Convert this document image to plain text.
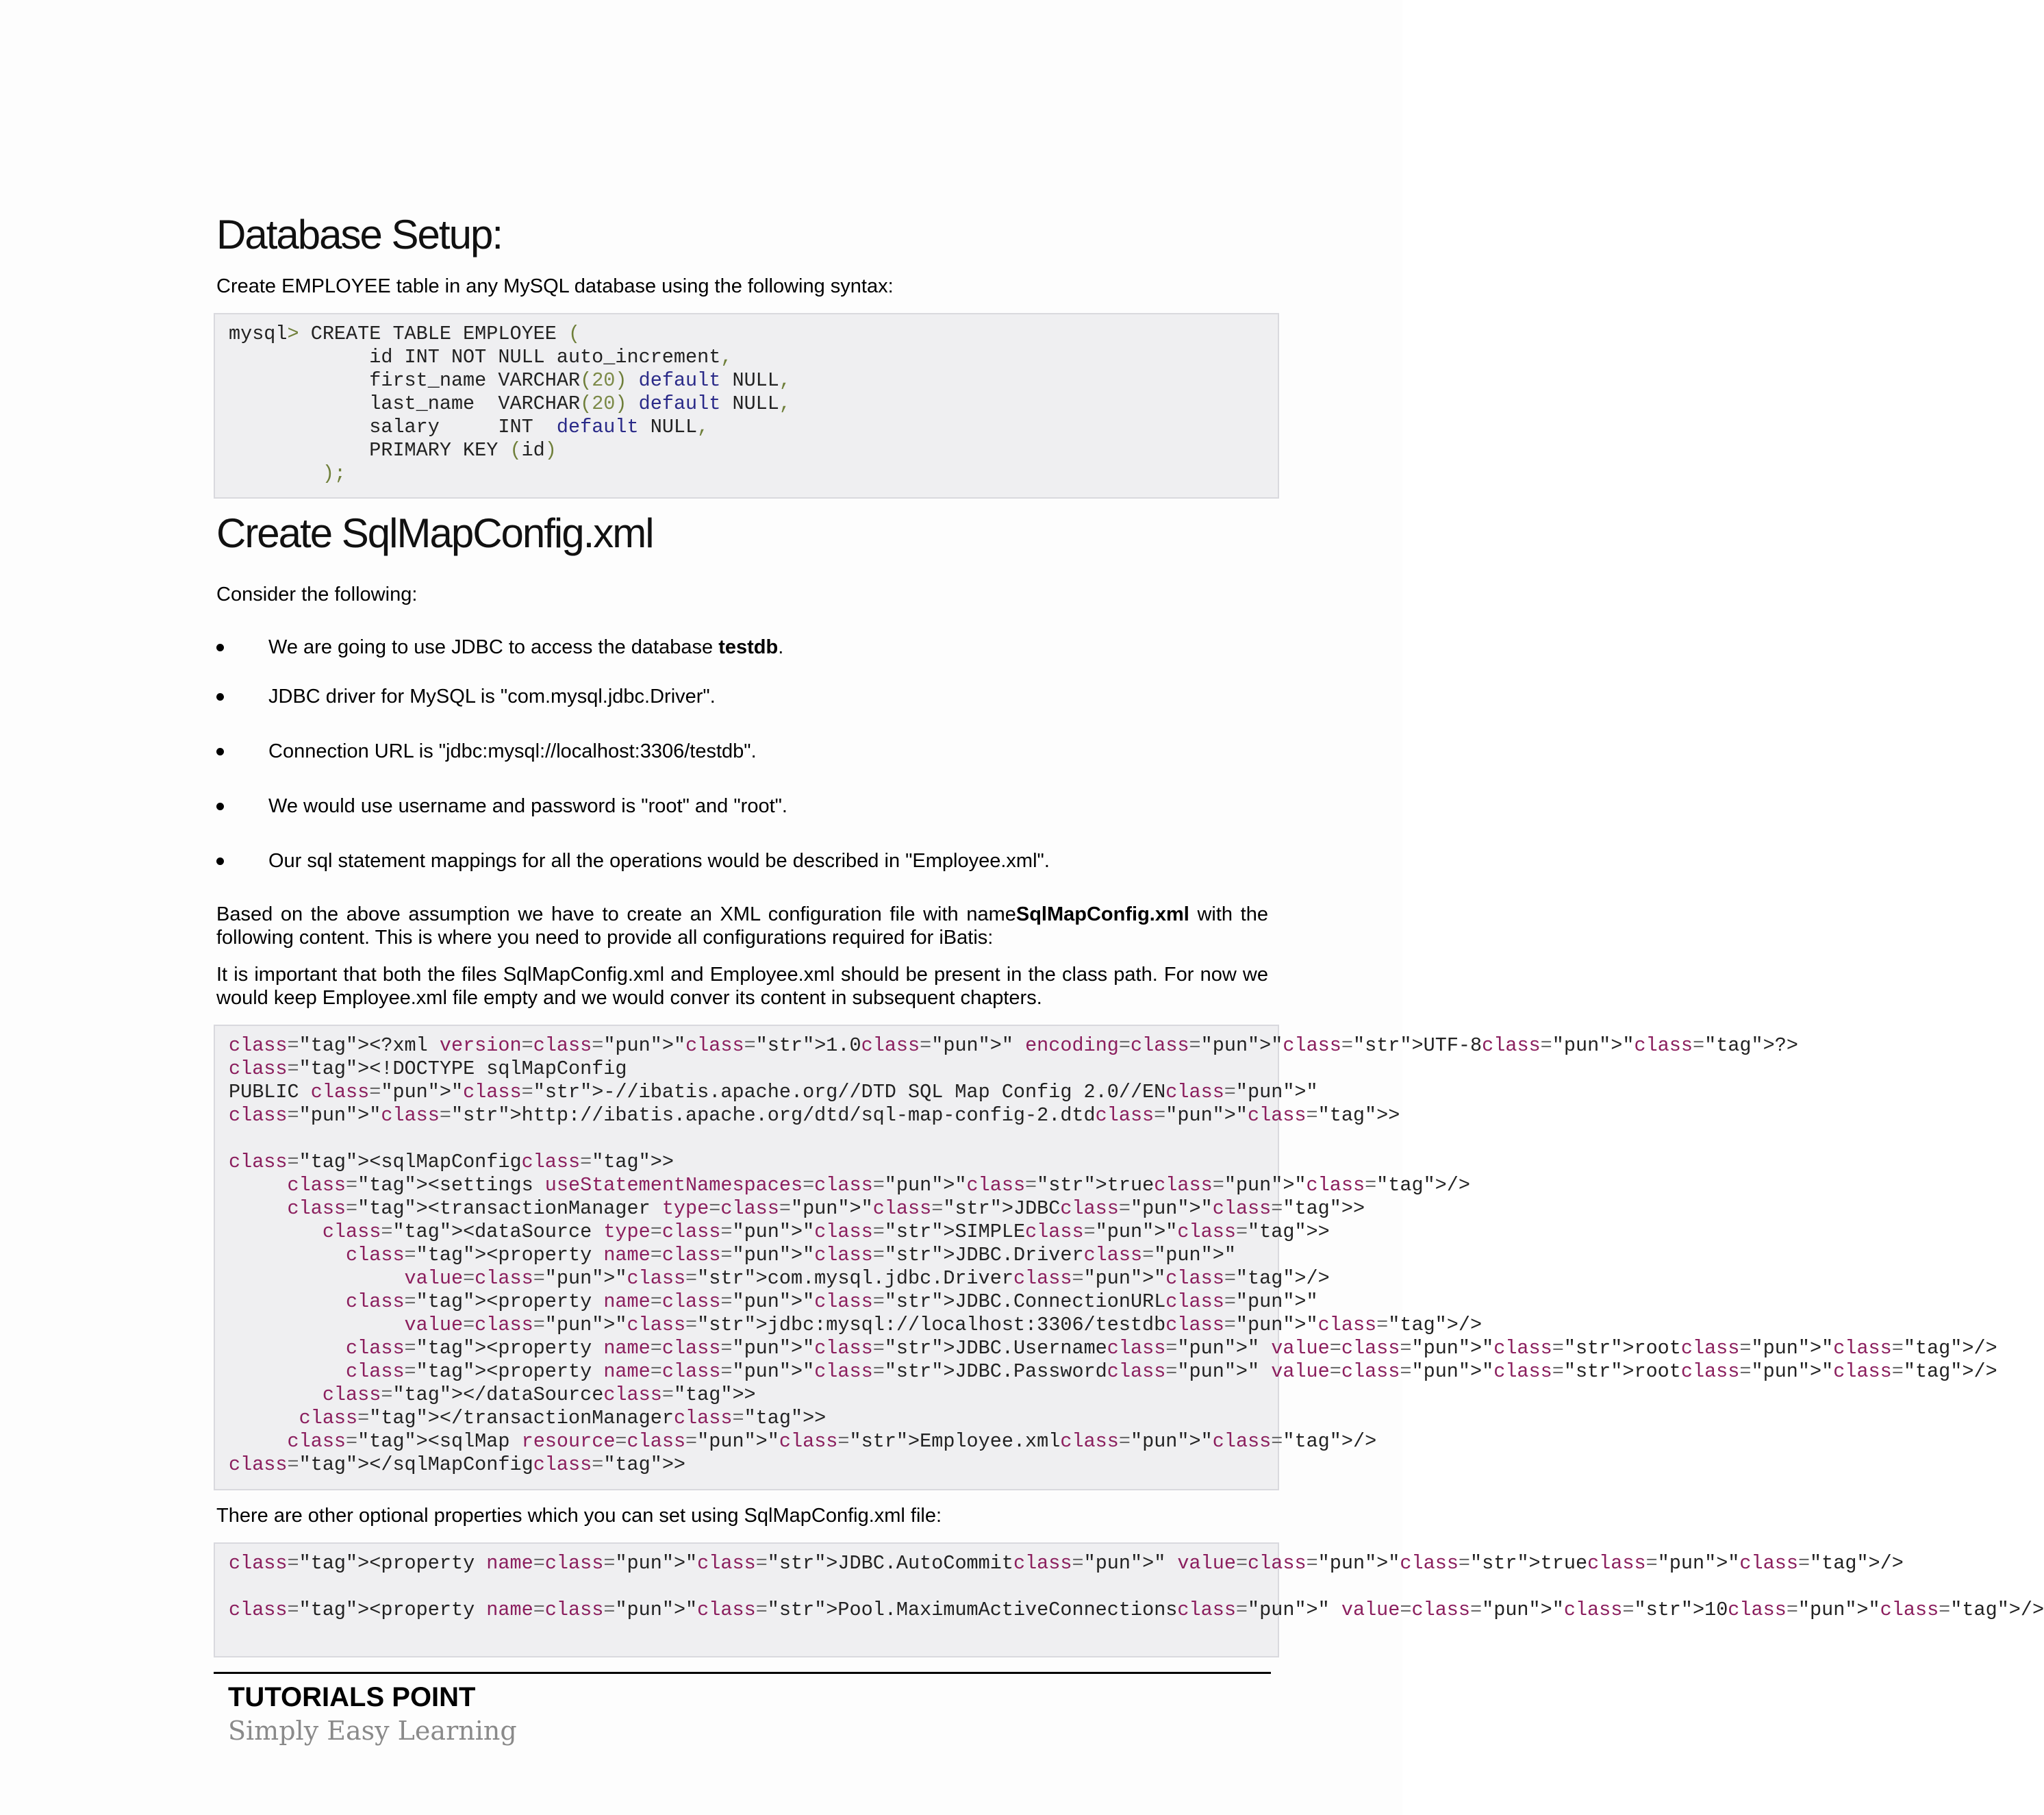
Database Setup:

Create EMPLOYEE table in any MySQL database using the following syntax:

mysql> CREATE TABLE EMPLOYEE (
id INT NOT NULL auto_increment,
first_name VARCHAR(20) default NULL,
last_name  VARCHAR(20) default NULL,
salary     INT  default NULL,
PRIMARY KEY (id)
);
Create SqlMapConfig.xml

Consider the following:

We are going to use JDBC to access the database testdb.
JDBC driver for MySQL is "com.mysql.jdbc.Driver".
Connection URL is "jdbc:mysql://localhost:3306/testdb".
We would use username and password is "root" and "root".
Our sql statement mappings for all the operations would be described in "Employee.xml".

Based on the above assumption we have to create an XML configuration file with nameSqlMapConfig.xml with the following content. This is where you need to provide all configurations required for iBatis:

It is important that both the files SqlMapConfig.xml and Employee.xml should be present in the class path. For now we would keep Employee.xml file empty and we would conver its content in subsequent chapters.

class="tag"><?xml version=class="pun">"class="str">1.0class="pun">" encoding=class="pun">"class="str">UTF-8class="pun">"class="tag">?>
class="tag"><!DOCTYPE sqlMapConfig
PUBLIC class="pun">"class="str">-//ibatis.apache.org//DTD SQL Map Config 2.0//ENclass="pun">"
class="pun">"class="str">http://ibatis.apache.org/dtd/sql-map-config-2.dtdclass="pun">"class="tag">>

class="tag"><sqlMapConfigclass="tag">>
class="tag"><settings useStatementNamespaces=class="pun">"class="str">trueclass="pun">"class="tag">/>
class="tag"><transactionManager type=class="pun">"class="str">JDBCclass="pun">"class="tag">>
class="tag"><dataSource type=class="pun">"class="str">SIMPLEclass="pun">"class="tag">>
class="tag"><property name=class="pun">"class="str">JDBC.Driverclass="pun">"
value=class="pun">"class="str">com.mysql.jdbc.Driverclass="pun">"class="tag">/>
class="tag"><property name=class="pun">"class="str">JDBC.ConnectionURLclass="pun">"
value=class="pun">"class="str">jdbc:mysql://localhost:3306/testdbclass="pun">"class="tag">/>
class="tag"><property name=class="pun">"class="str">JDBC.Usernameclass="pun">" value=class="pun">"class="str">rootclass="pun">"class="tag">/>
class="tag"><property name=class="pun">"class="str">JDBC.Passwordclass="pun">" value=class="pun">"class="str">rootclass="pun">"class="tag">/>
class="tag"></dataSourceclass="tag">>
class="tag"></transactionManagerclass="tag">>
class="tag"><sqlMap resource=class="pun">"class="str">Employee.xmlclass="pun">"class="tag">/>
class="tag"></sqlMapConfigclass="tag">>

There are other optional properties which you can set using SqlMapConfig.xml file:

class="tag"><property name=class="pun">"class="str">JDBC.AutoCommitclass="pun">" value=class="pun">"class="str">trueclass="pun">"class="tag">/>

class="tag"><property name=class="pun">"class="str">Pool.MaximumActiveConnectionsclass="pun">" value=class="pun">"class="str">10class="pun">"class="tag">/>
TUTORIALS POINT
Simply Easy Learning
